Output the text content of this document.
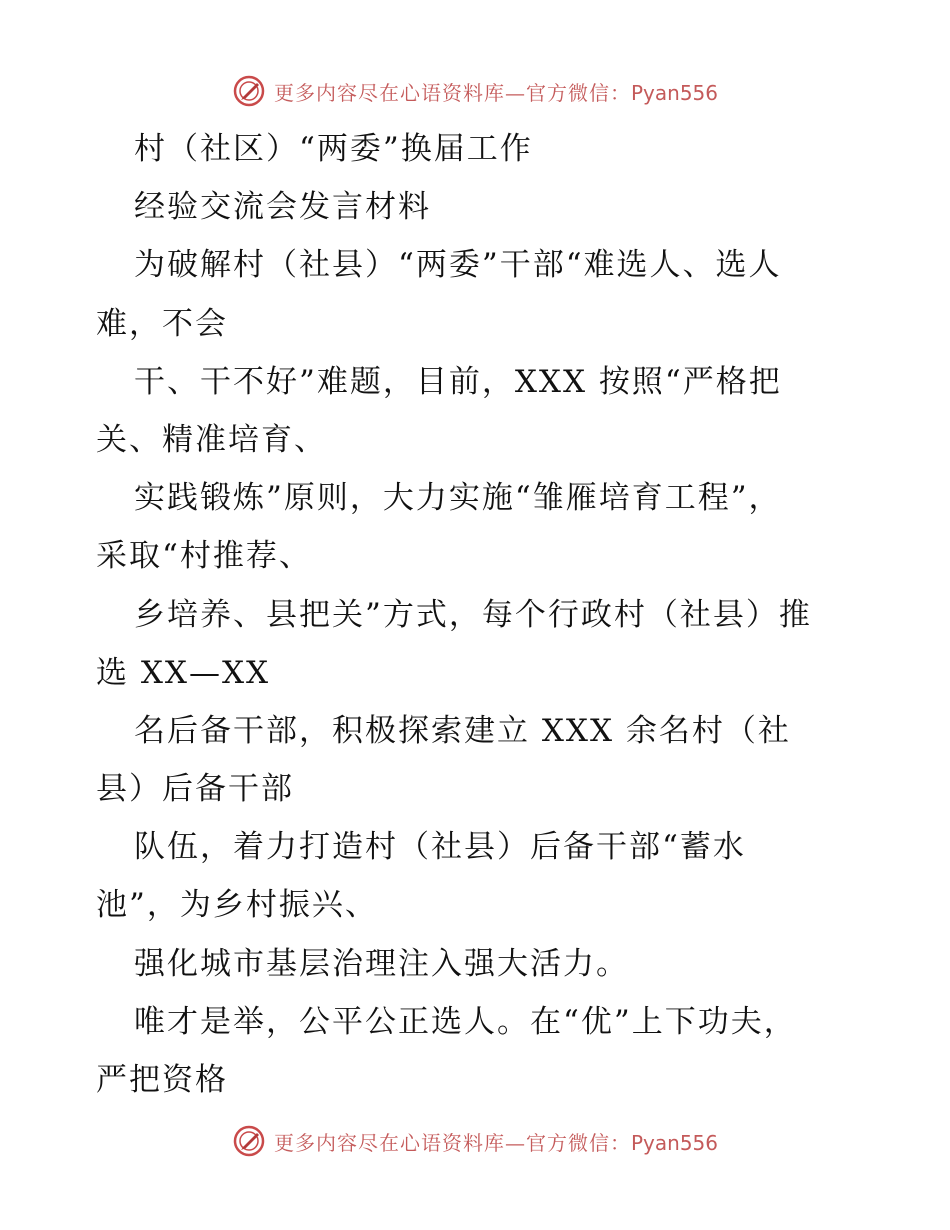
更多内容尽在心语资料库—官方微信：Pyan556
村（社区）“两委”换届工作
经验交流会发言材料
为破解村（社县）“两委”干部“难选人、选人
难，不会
干、干不好”难题，目前，XXX 按照“严格把
关、精准培育、
实践锻炼”原则，大力实施“雏雁培育工程”，
采取“村推荐、
乡培养、县把关”方式，每个行政村（社县）推
选 XX—XX
名后备干部，积极探索建立 XXX 余名村（社
县）后备干部
队伍，着力打造村（社县）后备干部“蓄水
池”，为乡村振兴、
强化城市基层治理注入强大活力。
唯才是举，公平公正选人。在“优”上下功夫，
严把资格
更多内容尽在心语资料库—官方微信：Pyan556
